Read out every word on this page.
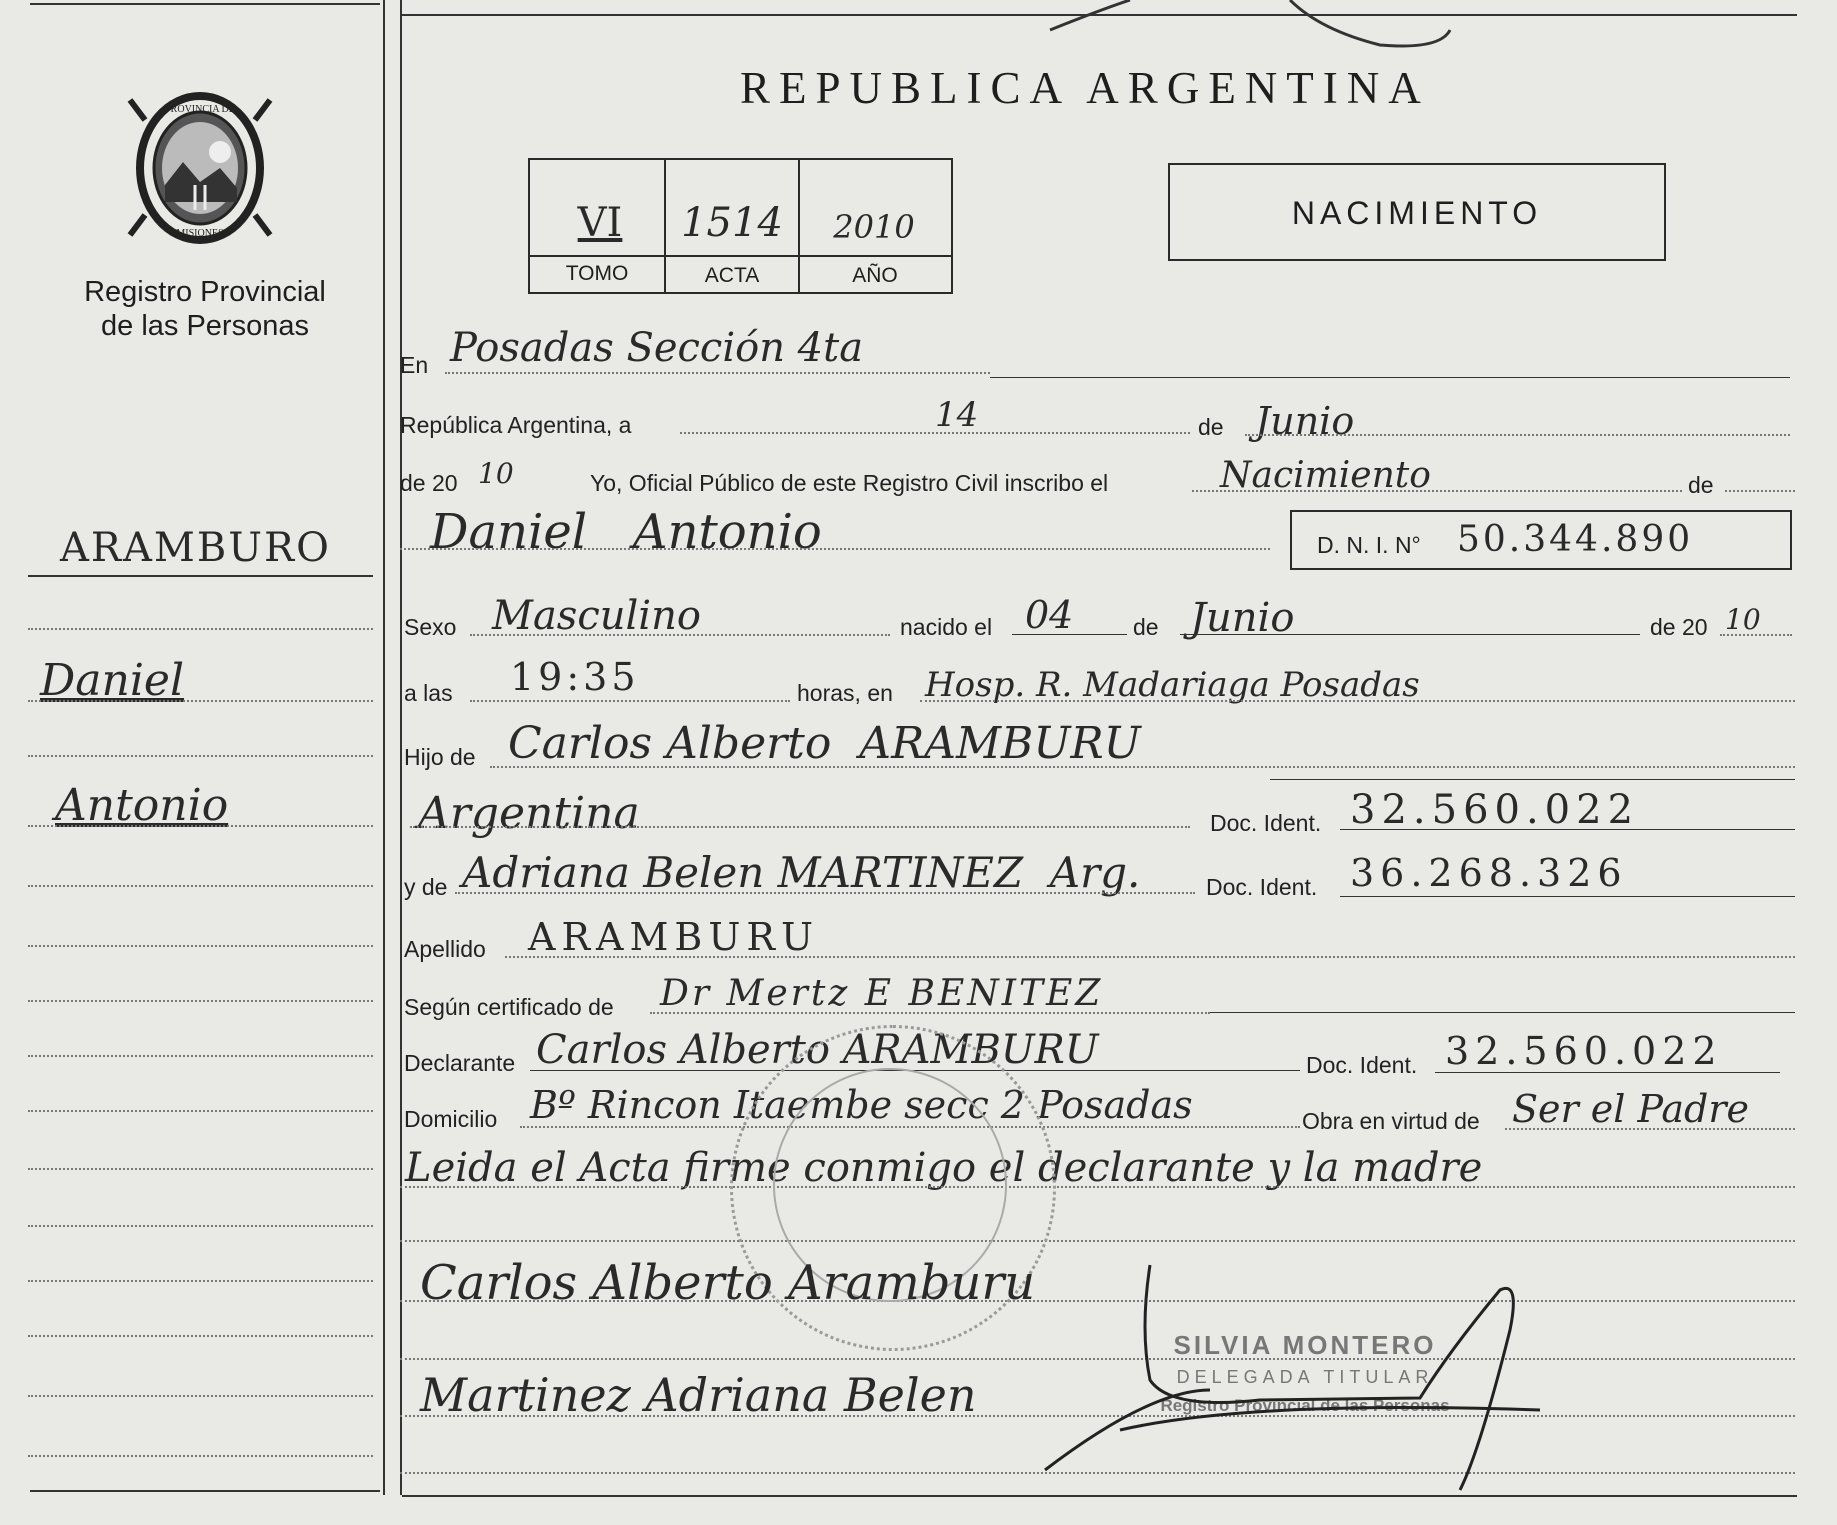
PROVINCIA DE
MISIONES
Registro Provincial
de las Personas
ARAMBURO
Daniel
Antonio
REPUBLICA ARGENTINA
VI	1514	2010
TOMO	ACTA	AÑO
NACIMIENTO
En Posadas Sección 4ta
República Argentina, a	14	de Junio
de 20 10	Yo, Oficial Público de este Registro Civil inscribo el	Nacimiento	de
Daniel   Antonio	D. N. I. N° 50.344.890
Sexo Masculino	nacido el 04	de Junio	de 20 10
a las 19:35	horas, en Hosp. R. Madariaga Posadas
Hijo de Carlos Alberto  ARAMBURU
Argentina	Doc. Ident. 32.560.022
y de Adriana Belen MARTINEZ  Arg.	Doc. Ident. 36.268.326
Apellido ARAMBURU
Según certificado de Dr Mertz E BENITEZ
Declarante Carlos Alberto ARAMBURU	Doc. Ident. 32.560.022
Domicilio Bº Rincon Itaembe secc 2 Posadas	Obra en virtud de Ser el Padre
Leida el Acta firme conmigo el declarante y la madre
Carlos Alberto Aramburu
Martinez Adriana Belen
SILVIA MONTERO
DELEGADA TITULAR
Registro Provincial de las Personas
